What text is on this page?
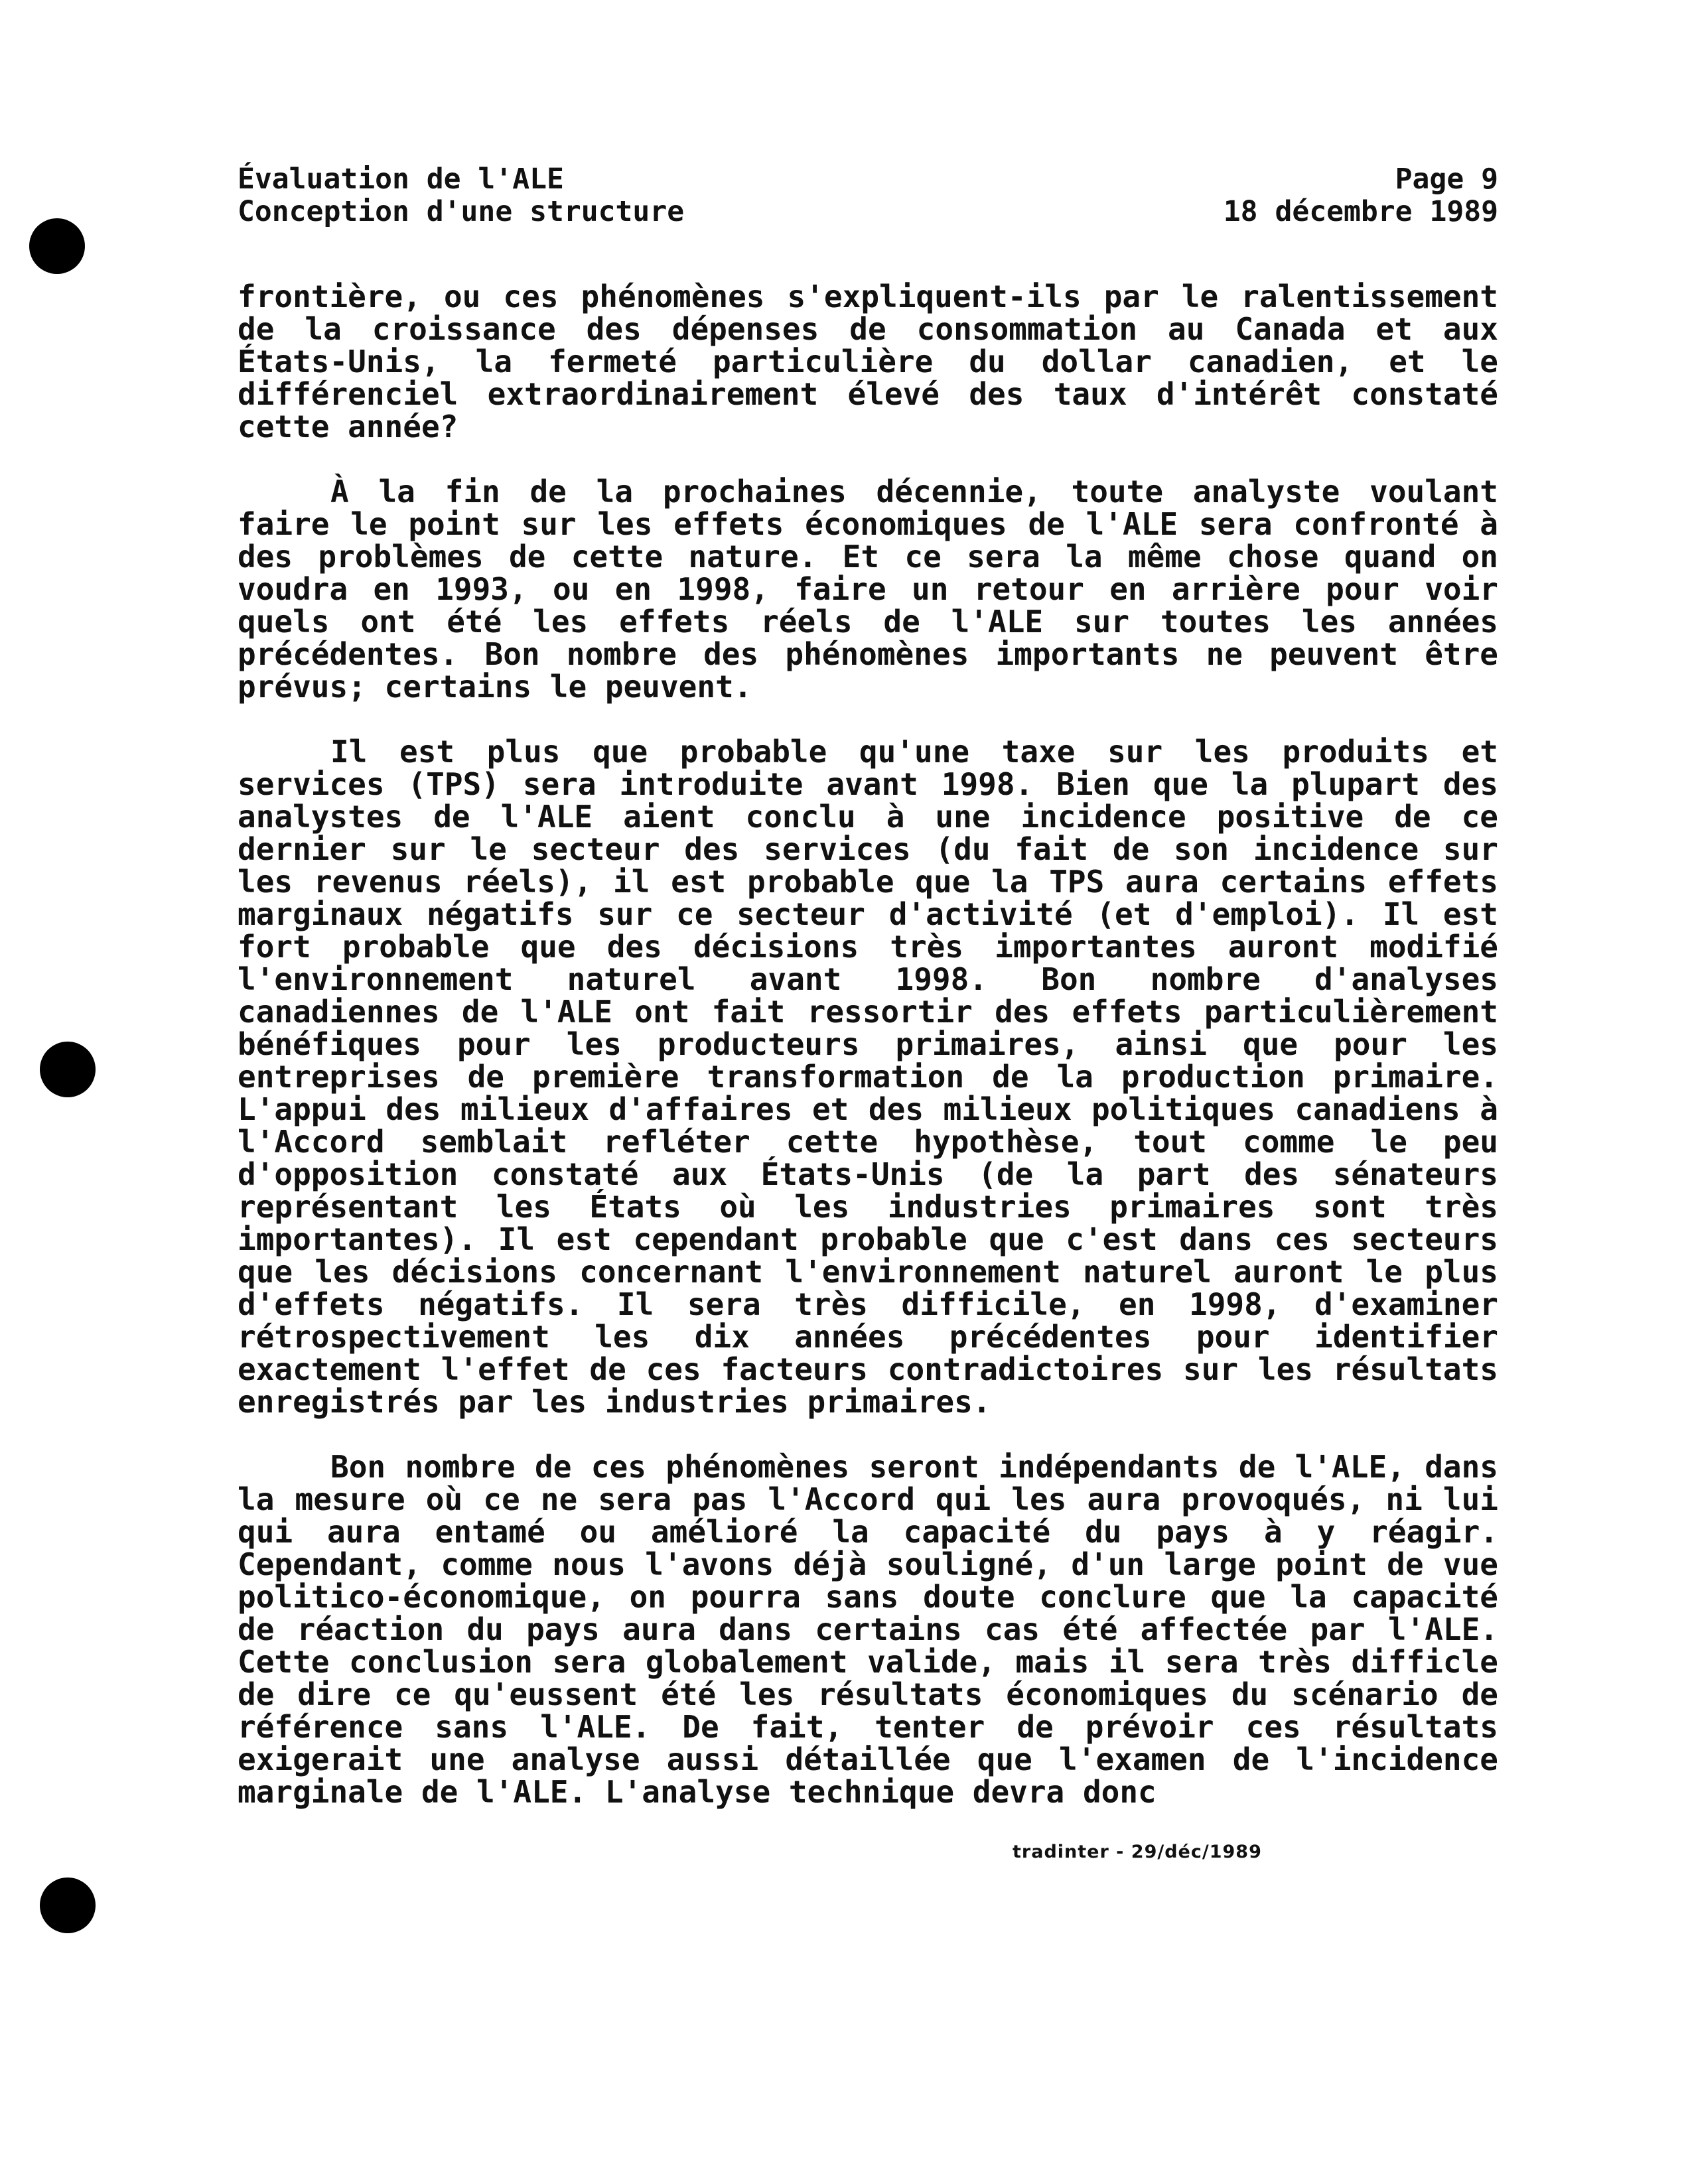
Évaluation de l'ALE	Page 9
Conception d'une structure	18 décembre 1989

frontière, ou ces phénomènes s'expliquent-ils par le ralentissement de la croissance des dépenses de consommation au Canada et aux États-Unis, la fermeté particulière du dollar canadien, et le différenciel extraordinairement élevé des taux d'intérêt constaté cette année?

À la fin de la prochaines décennie, toute analyste voulant faire le point sur les effets économiques de l'ALE sera confronté à des problèmes de cette nature. Et ce sera la même chose quand on voudra en 1993, ou en 1998, faire un retour en arrière pour voir quels ont été les effets réels de l'ALE sur toutes les années précédentes. Bon nombre des phénomènes importants ne peuvent être prévus; certains le peuvent.

Il est plus que probable qu'une taxe sur les produits et services (TPS) sera introduite avant 1998. Bien que la plupart des analystes de l'ALE aient conclu à une incidence positive de ce dernier sur le secteur des services (du fait de son incidence sur les revenus réels), il est probable que la TPS aura certains effets marginaux négatifs sur ce secteur d'activité (et d'emploi). Il est fort probable que des décisions très importantes auront modifié l'environnement naturel avant 1998. Bon nombre d'analyses canadiennes de l'ALE ont fait ressortir des effets particulièrement bénéfiques pour les producteurs primaires, ainsi que pour les entreprises de première transformation de la production primaire. L'appui des milieux d'affaires et des milieux politiques canadiens à l'Accord semblait refléter cette hypothèse, tout comme le peu d'opposition constaté aux États-Unis (de la part des sénateurs représentant les États où les industries primaires sont très importantes). Il est cependant probable que c'est dans ces secteurs que les décisions concernant l'environnement naturel auront le plus d'effets négatifs. Il sera très difficile, en 1998, d'examiner rétrospectivement les dix années précédentes pour identifier exactement l'effet de ces facteurs contradictoires sur les résultats enregistrés par les industries primaires.

Bon nombre de ces phénomènes seront indépendants de l'ALE, dans la mesure où ce ne sera pas l'Accord qui les aura provoqués, ni lui qui aura entamé ou amélioré la capacité du pays à y réagir. Cependant, comme nous l'avons déjà souligné, d'un large point de vue politico-économique, on pourra sans doute conclure que la capacité de réaction du pays aura dans certains cas été affectée par l'ALE. Cette conclusion sera globalement valide, mais il sera très difficle de dire ce qu'eussent été les résultats économiques du scénario de référence sans l'ALE. De fait, tenter de prévoir ces résultats exigerait une analyse aussi détaillée que l'examen de l'incidence marginale de l'ALE. L'analyse technique devra donc

tradinter - 29/déc/1989
